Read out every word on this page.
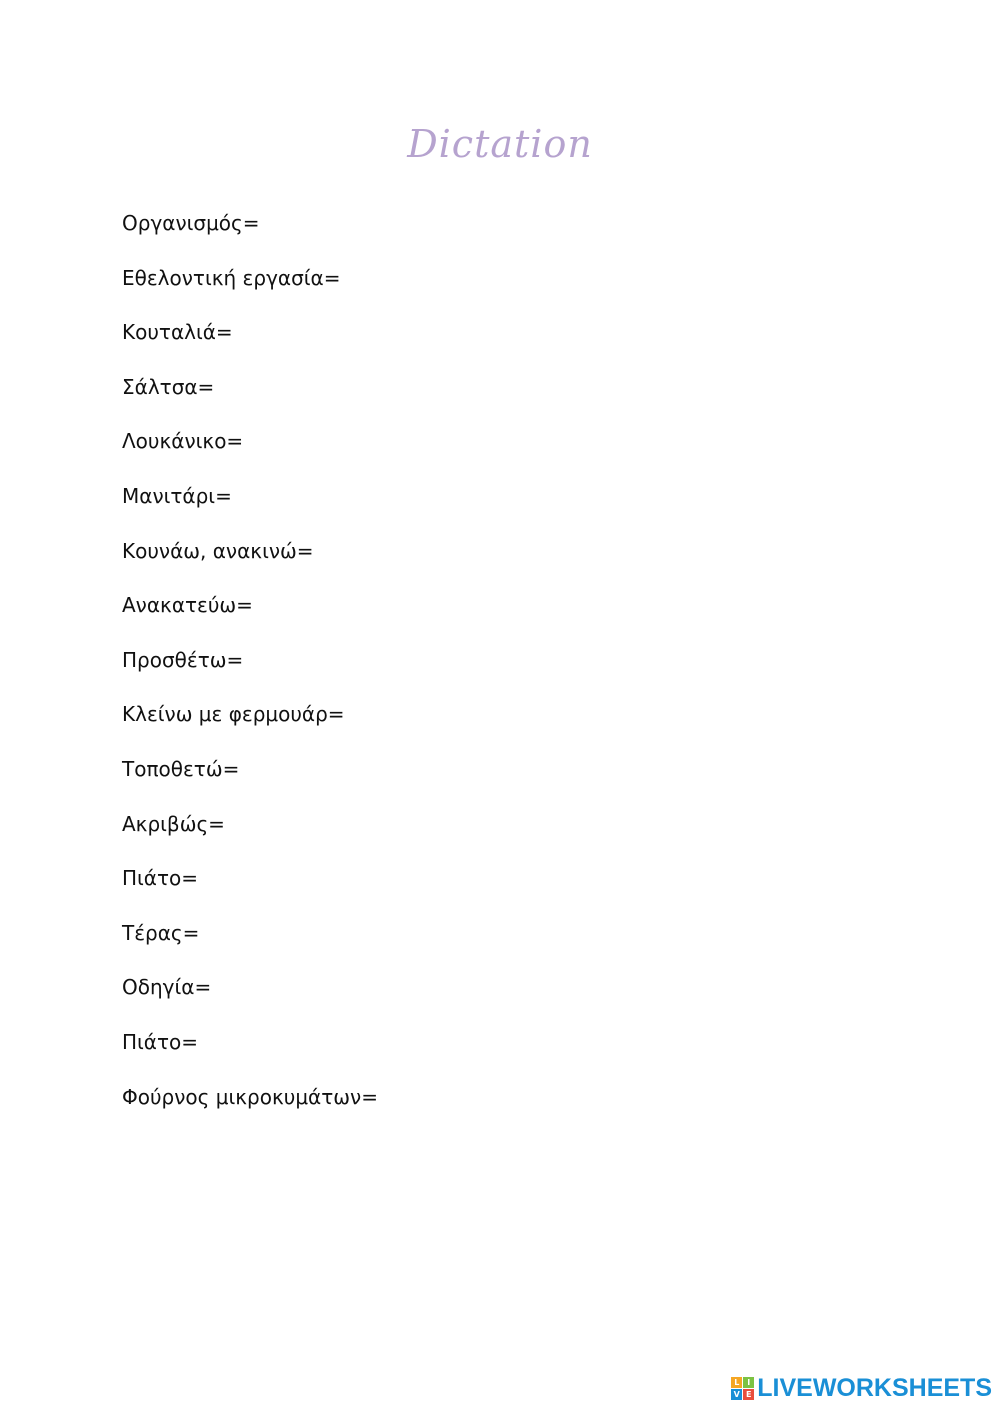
Dictation
Οργανισμός=
Εθελοντική εργασία=
Κουταλιά=
Σάλτσα=
Λουκάνικο=
Μανιτάρι=
Κουνάω, ανακινώ=
Ανακατεύω=
Προσθέτω=
Κλείνω με φερμουάρ=
Τοποθετώ=
Ακριβώς=
Πιάτο=
Τέρας=
Οδηγία=
Πιάτο=
Φούρνος μικροκυμάτων=
L I
V E LIVEWORKSHEETS
